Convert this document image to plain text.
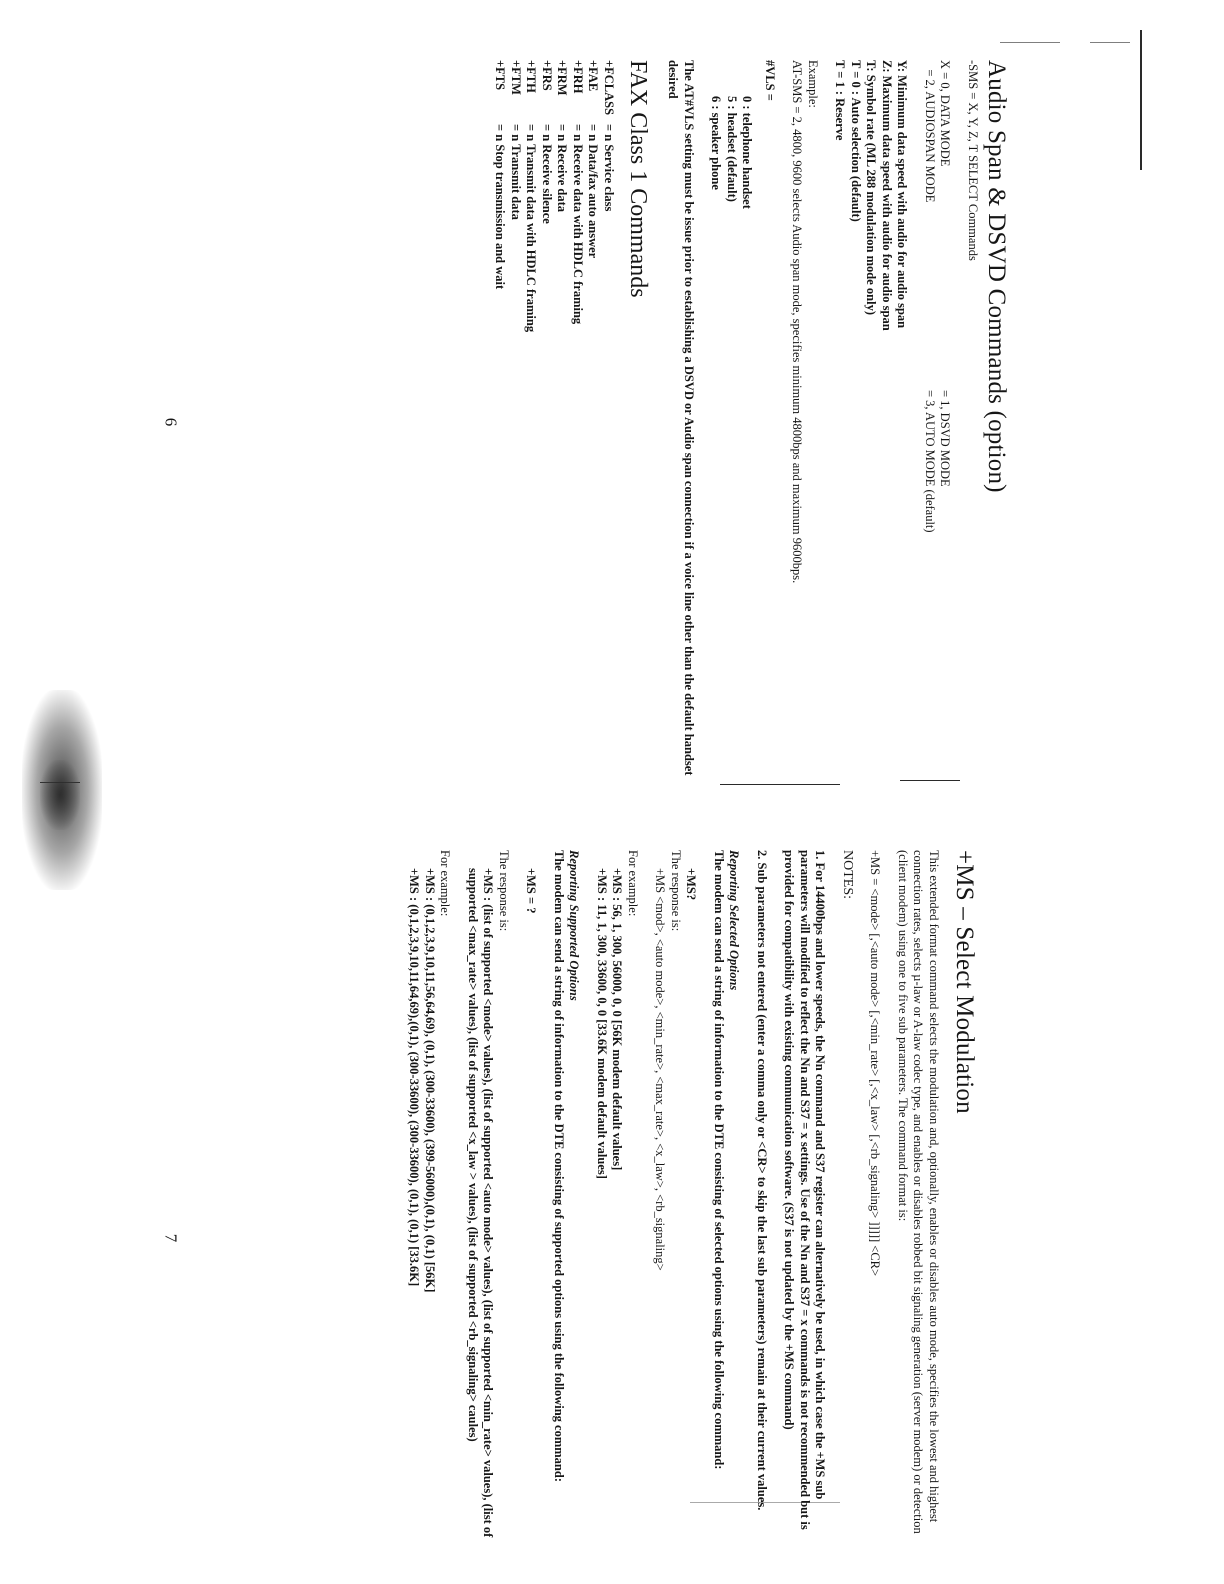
Audio Span & DSVD Commands (option)
-SMS = X, Y, Z, T SELECT Commands
X = 0, DATA MODE
= 1, DSVD MODE
= 2, AUDIOSPAN MODE
= 3, AUTO MODE (default)
Y: Minimum data speed with audio for audio span
Z: Maximum data speed with audio for audio span
T: Symbol rate (ML 288 modulation mode only)
T = 0 : Auto selection (default)
T = 1 : Reserve
Example:
AT-SMS = 2, 4800, 9600 selects Audio span mode, specifies minimum 4800bps and maximum 9600bps.
#VLS =
0 : telephone handset
5 : headset (default)
6 : speaker phone
The AT#VLS setting must be issue prior to establishing a DSVD or Audio span connection if a voice line other than the default handset desired
FAX Class 1 Commands
+FCLASS
= n Service class
+FAE
= n Data/fax auto answer
+FRH
= n Receive data with HDLC framing
+FRM
= n Receive data
+FRS
= n Receive silence
+FTH
= n Transmit data with HDLC framing
+FTM
= n Transmit data
+FTS
= n Stop transmission and wait
6
+MS – Select Modulation
This extended format command selects the modulation and, optionally, enables or disables auto mode, specifies the lowest and highest connection rates, selects µ-law or A-law codec type, and enables or disables robbed bit signaling generation (server modem) or detection (client modem) using one to five sub parameters. The command format is:
+MS = <mode> [,<auto mode> [,<min_rate> [,<x_law> [,<rb_signaling> ]]]]] <CR>
NOTES:
1. For 14400bps and lower speeds, the Nn command and S37 register can alternatively be used, in which case the +MS sub parameters will modified to reflect the Nn and S37 = x settings. Use of the Nn and S37 = x commands is not recommended but is provided for compatibility with existing communication software. (S37 is not updated by the +MS command)
2. Sub parameters not entered (enter a comma only or <CR> to skip the last sub parameters) remain at their current values.
Reporting Selected Options
The modem can send a string of information to the DTE consisting of selected options using the following command:
+MS?
The response is:
+MS <mod>, <auto mode>, <min_rate>, <max_rate>, <x_law>, <rb_signaling>
For example:
+MS : 56, 1, 300, 56000, 0, 0 [56K modem default values]
+MS : 11, 1, 300, 33600, 0, 0 [33.6K modem default values]
Reporting Supported Options
The modem can send a string of information to the DTE consisting of supported options using the following command:
+MS = ?
The response is:
+MS : (list of supported <mode> values), (list of supported <auto mode> values), (list of supported <min_rate> values), (list of supported <max_rate> values), (list of supported <x_law > values), (list of supported <rb_signaling> caules)
For example:
+MS : (0,1,2,3,9,10,11,56,64,69), (0,1), (300-33600), (399-56000),(0,1), (0,1) [56K]
+MS : (0,1,2,3,9,10,11,64,69),(0,1), (300-33600), (300-33600), (0,1), (0,1) [33.6K]
7
